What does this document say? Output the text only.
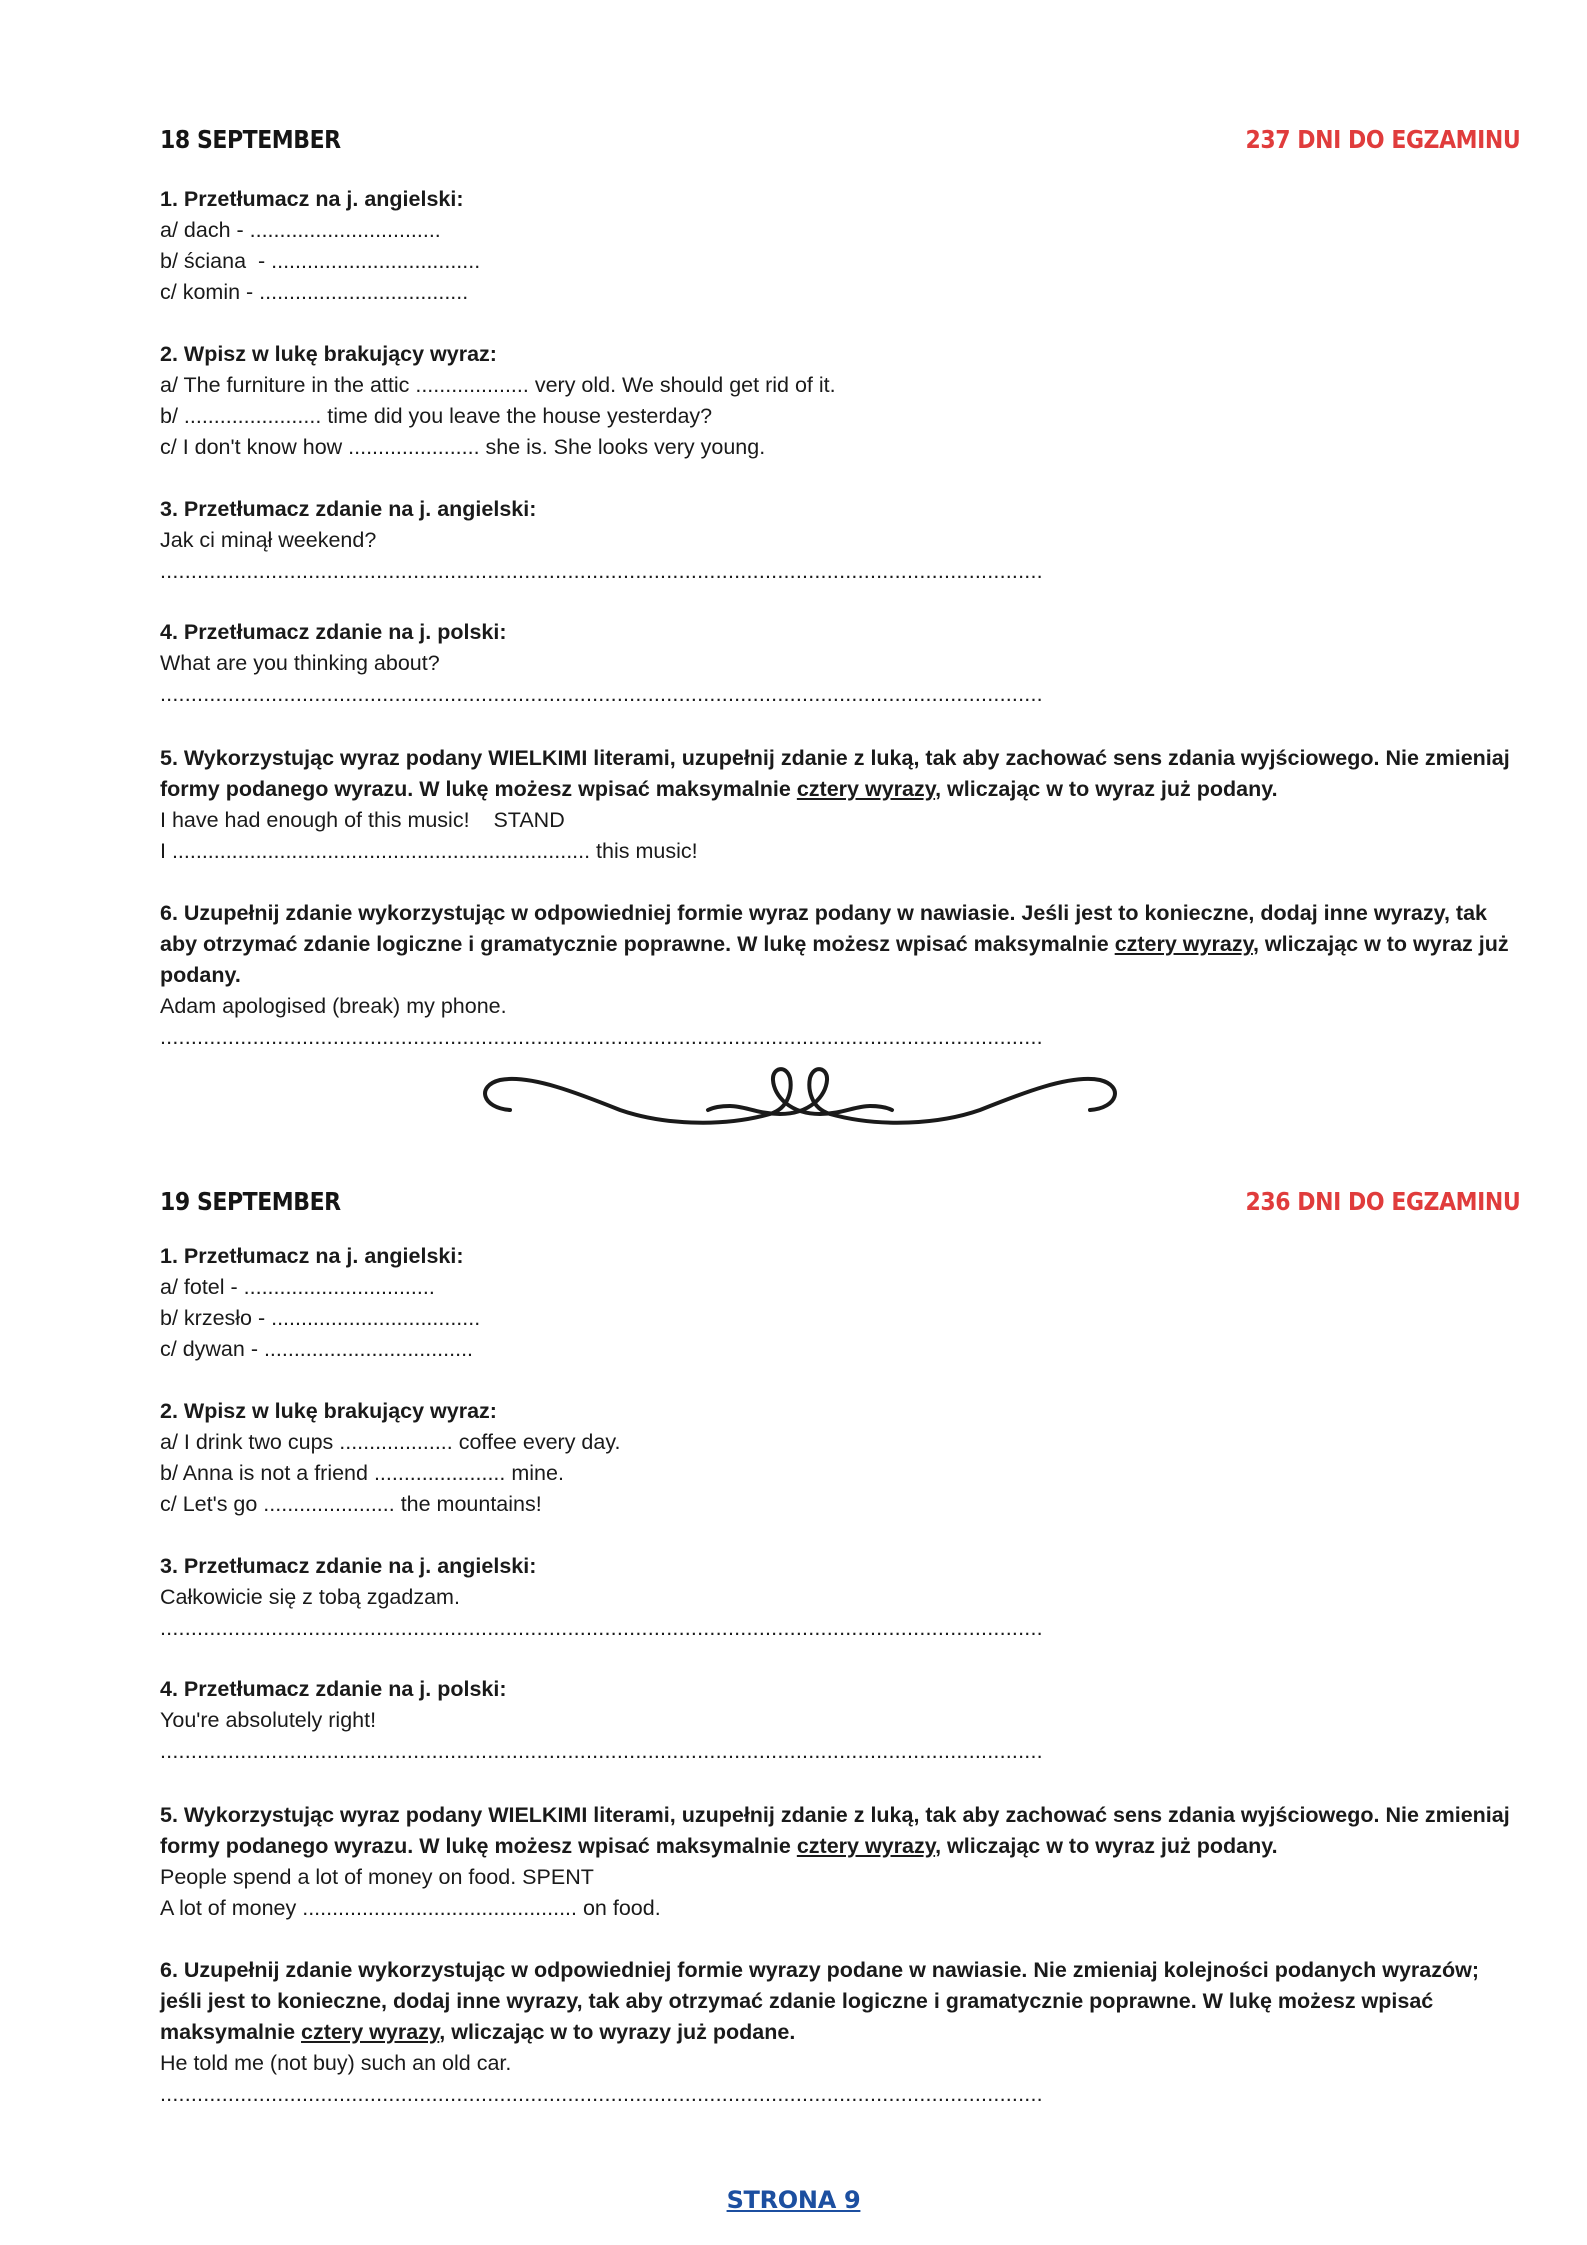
18 SEPTEMBER	237 DNI DO EGZAMINU
1. Przetłumacz na j. angielski:
a/ dach - ................................
b/ ściana  - ...................................
c/ komin - ...................................
2. Wpisz w lukę brakujący wyraz:
a/ The furniture in the attic ................... very old. We should get rid of it.
b/ ....................... time did you leave the house yesterday?
c/ I don't know how ...................... she is. She looks very young.
3. Przetłumacz zdanie na j. angielski:
Jak ci minął weekend?
...............................................................................................................................................
4. Przetłumacz zdanie na j. polski:
What are you thinking about?
...............................................................................................................................................
5. Wykorzystując wyraz podany WIELKIMI literami, uzupełnij zdanie z luką, tak aby zachować sens zdania wyjściowego. Nie zmieniaj formy podanego wyrazu. W lukę możesz wpisać maksymalnie cztery wyrazy, wliczając w to wyraz już podany.
I have had enough of this music!    STAND
I ...................................................................... this music!
6. Uzupełnij zdanie wykorzystując w odpowiedniej formie wyraz podany w nawiasie. Jeśli jest to konieczne, dodaj inne wyrazy, tak aby otrzymać zdanie logiczne i gramatycznie poprawne. W lukę możesz wpisać maksymalnie cztery wyrazy, wliczając w to wyraz już podany.
Adam apologised (break) my phone.
...............................................................................................................................................
19 SEPTEMBER	236 DNI DO EGZAMINU
1. Przetłumacz na j. angielski:
a/ fotel - ................................
b/ krzesło - ...................................
c/ dywan - ...................................
2. Wpisz w lukę brakujący wyraz:
a/ I drink two cups ................... coffee every day.
b/ Anna is not a friend ...................... mine.
c/ Let's go ...................... the mountains!
3. Przetłumacz zdanie na j. angielski:
Całkowicie się z tobą zgadzam.
...............................................................................................................................................
4. Przetłumacz zdanie na j. polski:
You're absolutely right!
...............................................................................................................................................
5. Wykorzystując wyraz podany WIELKIMI literami, uzupełnij zdanie z luką, tak aby zachować sens zdania wyjściowego. Nie zmieniaj formy podanego wyrazu. W lukę możesz wpisać maksymalnie cztery wyrazy, wliczając w to wyraz już podany.
People spend a lot of money on food. SPENT
A lot of money .............................................. on food.
6. Uzupełnij zdanie wykorzystując w odpowiedniej formie wyrazy podane w nawiasie. Nie zmieniaj kolejności podanych wyrazów; jeśli jest to konieczne, dodaj inne wyrazy, tak aby otrzymać zdanie logiczne i gramatycznie poprawne. W lukę możesz wpisać maksymalnie cztery wyrazy, wliczając w to wyrazy już podane.
He told me (not buy) such an old car.
...............................................................................................................................................
STRONA 9
